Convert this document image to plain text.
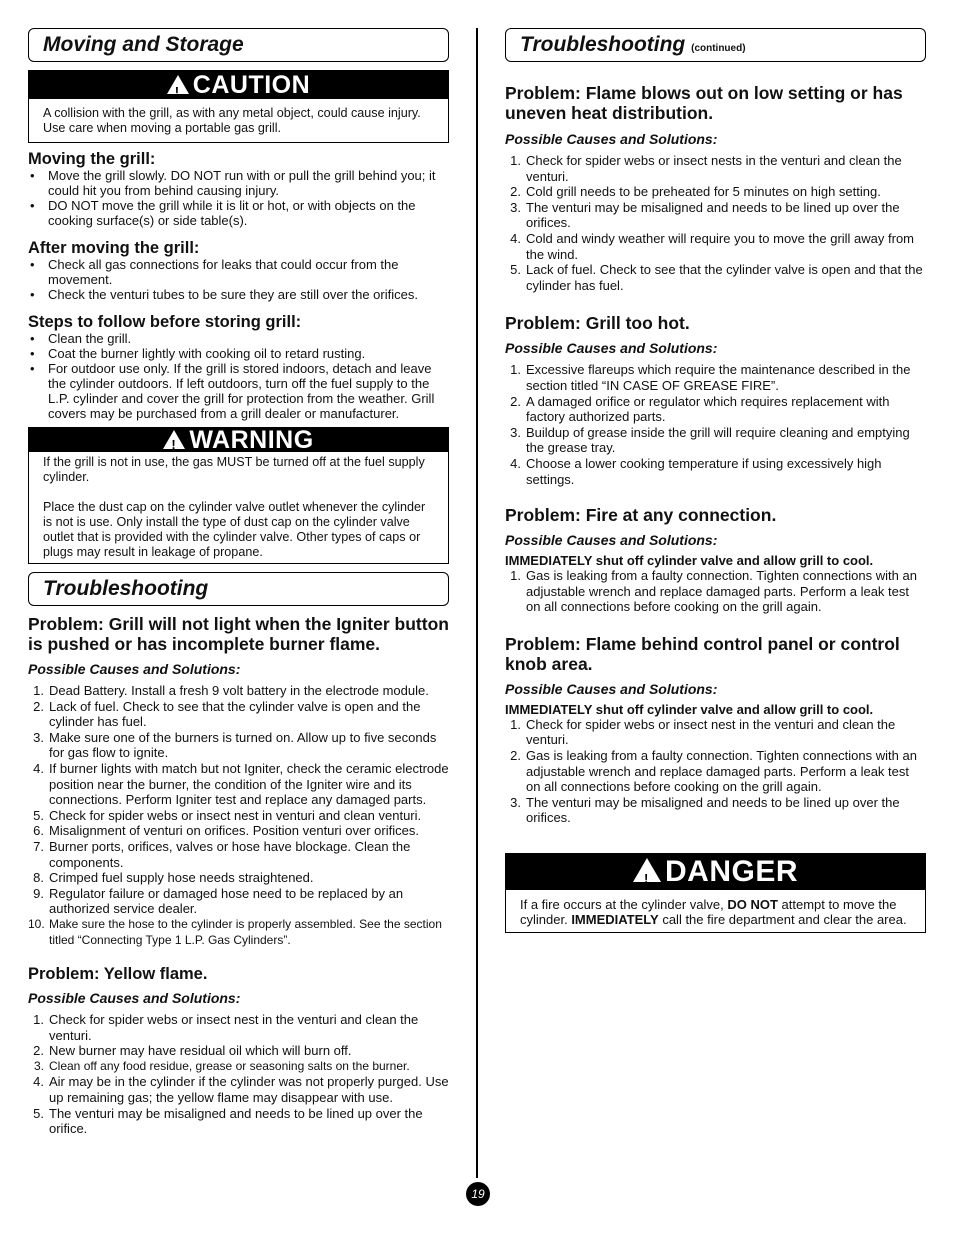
Moving and Storage
!CAUTION

A collision with the grill, as with any metal object, could cause injury. Use care when moving a portable gas grill.

Moving the grill:
• Move the grill slowly. DO NOT run with or pull the grill behind you; it could hit you from behind causing injury.
• DO NOT move the grill while it is lit or hot, or with objects on the cooking surface(s) or side table(s).
After moving the grill:
• Check all gas connections for leaks that could occur from the movement.
• Check the venturi tubes to be sure they are still over the orifices.
Steps to follow before storing grill:
• Clean the grill.
• Coat the burner lightly with cooking oil to retard rusting.
• For outdoor use only. If the grill is stored indoors, detach and leave the cylinder outdoors. If left outdoors, turn off the fuel supply to the L.P. cylinder and cover the grill for protection from the weather. Grill covers may be purchased from a grill dealer or manufacturer.
!WARNING

If the grill is not in use, the gas MUST be turned off at the fuel supply cylinder.

Place the dust cap on the cylinder valve outlet whenever the cylinder is not is use. Only install the type of dust cap on the cylinder valve outlet that is provided with the cylinder valve. Other types of caps or plugs may result in leakage of propane.

Troubleshooting
Problem: Grill will not light when the Igniter button is pushed or has incomplete burner flame.

Possible Causes and Solutions:

1. Dead Battery. Install a fresh 9 volt battery in the electrode module.
2. Lack of fuel. Check to see that the cylinder valve is open and the cylinder has fuel.
3. Make sure one of the burners is turned on. Allow up to five seconds for gas flow to ignite.
4. If burner lights with match but not Igniter, check the ceramic electrode position near the burner, the condition of the Igniter wire and its connections. Perform Igniter test and replace any damaged parts.
5. Check for spider webs or insect nest in venturi and clean venturi.
6. Misalignment of venturi on orifices. Position venturi over orifices.
7. Burner ports, orifices, valves or hose have blockage. Clean the components.
8. Crimped fuel supply hose needs straightened.
9. Regulator failure or damaged hose need to be replaced by an authorized service dealer.
10. Make sure the hose to the cylinder is properly assembled. See the section titled “Connecting Type 1 L.P. Gas Cylinders”.
Problem: Yellow flame.

Possible Causes and Solutions:

1. Check for spider webs or insect nest in the venturi and clean the venturi.
2. New burner may have residual oil which will burn off.
3. Clean off any food residue, grease or seasoning salts on the burner.
4. Air may be in the cylinder if the cylinder was not properly purged. Use up remaining gas; the yellow flame may disappear with use.
5. The venturi may be misaligned and needs to be lined up over the orifice.
Troubleshooting (continued)
Problem: Flame blows out on low setting or has uneven heat distribution.

Possible Causes and Solutions:

1. Check for spider webs or insect nests in the venturi and clean the venturi.
2. Cold grill needs to be preheated for 5 minutes on high setting.
3. The venturi may be misaligned and needs to be lined up over the orifices.
4. Cold and windy weather will require you to move the grill away from the wind.
5. Lack of fuel. Check to see that the cylinder valve is open and that the cylinder has fuel.
Problem: Grill too hot.

Possible Causes and Solutions:

1. Excessive flareups which require the maintenance described in the section titled “IN CASE OF GREASE FIRE”.
2. A damaged orifice or regulator which requires replacement with factory authorized parts.
3. Buildup of grease inside the grill will require cleaning and emptying the grease tray.
4. Choose a lower cooking temperature if using excessively high settings.
Problem: Fire at any connection.

Possible Causes and Solutions:

IMMEDIATELY shut off cylinder valve and allow grill to cool.

1. Gas is leaking from a faulty connection. Tighten connections with an adjustable wrench and replace damaged parts. Perform a leak test on all connections before cooking on the grill again.
Problem: Flame behind control panel or control knob area.

Possible Causes and Solutions:

IMMEDIATELY shut off cylinder valve and allow grill to cool.

1. Check for spider webs or insect nest in the venturi and clean the venturi.
2. Gas is leaking from a faulty connection. Tighten connections with an adjustable wrench and replace damaged parts. Perform a leak test on all connections before cooking on the grill again.
3. The venturi may be misaligned and needs to be lined up over the orifices.
!DANGER

If a fire occurs at the cylinder valve, DO NOT attempt to move the cylinder. IMMEDIATELY call the fire department and clear the area.

19
